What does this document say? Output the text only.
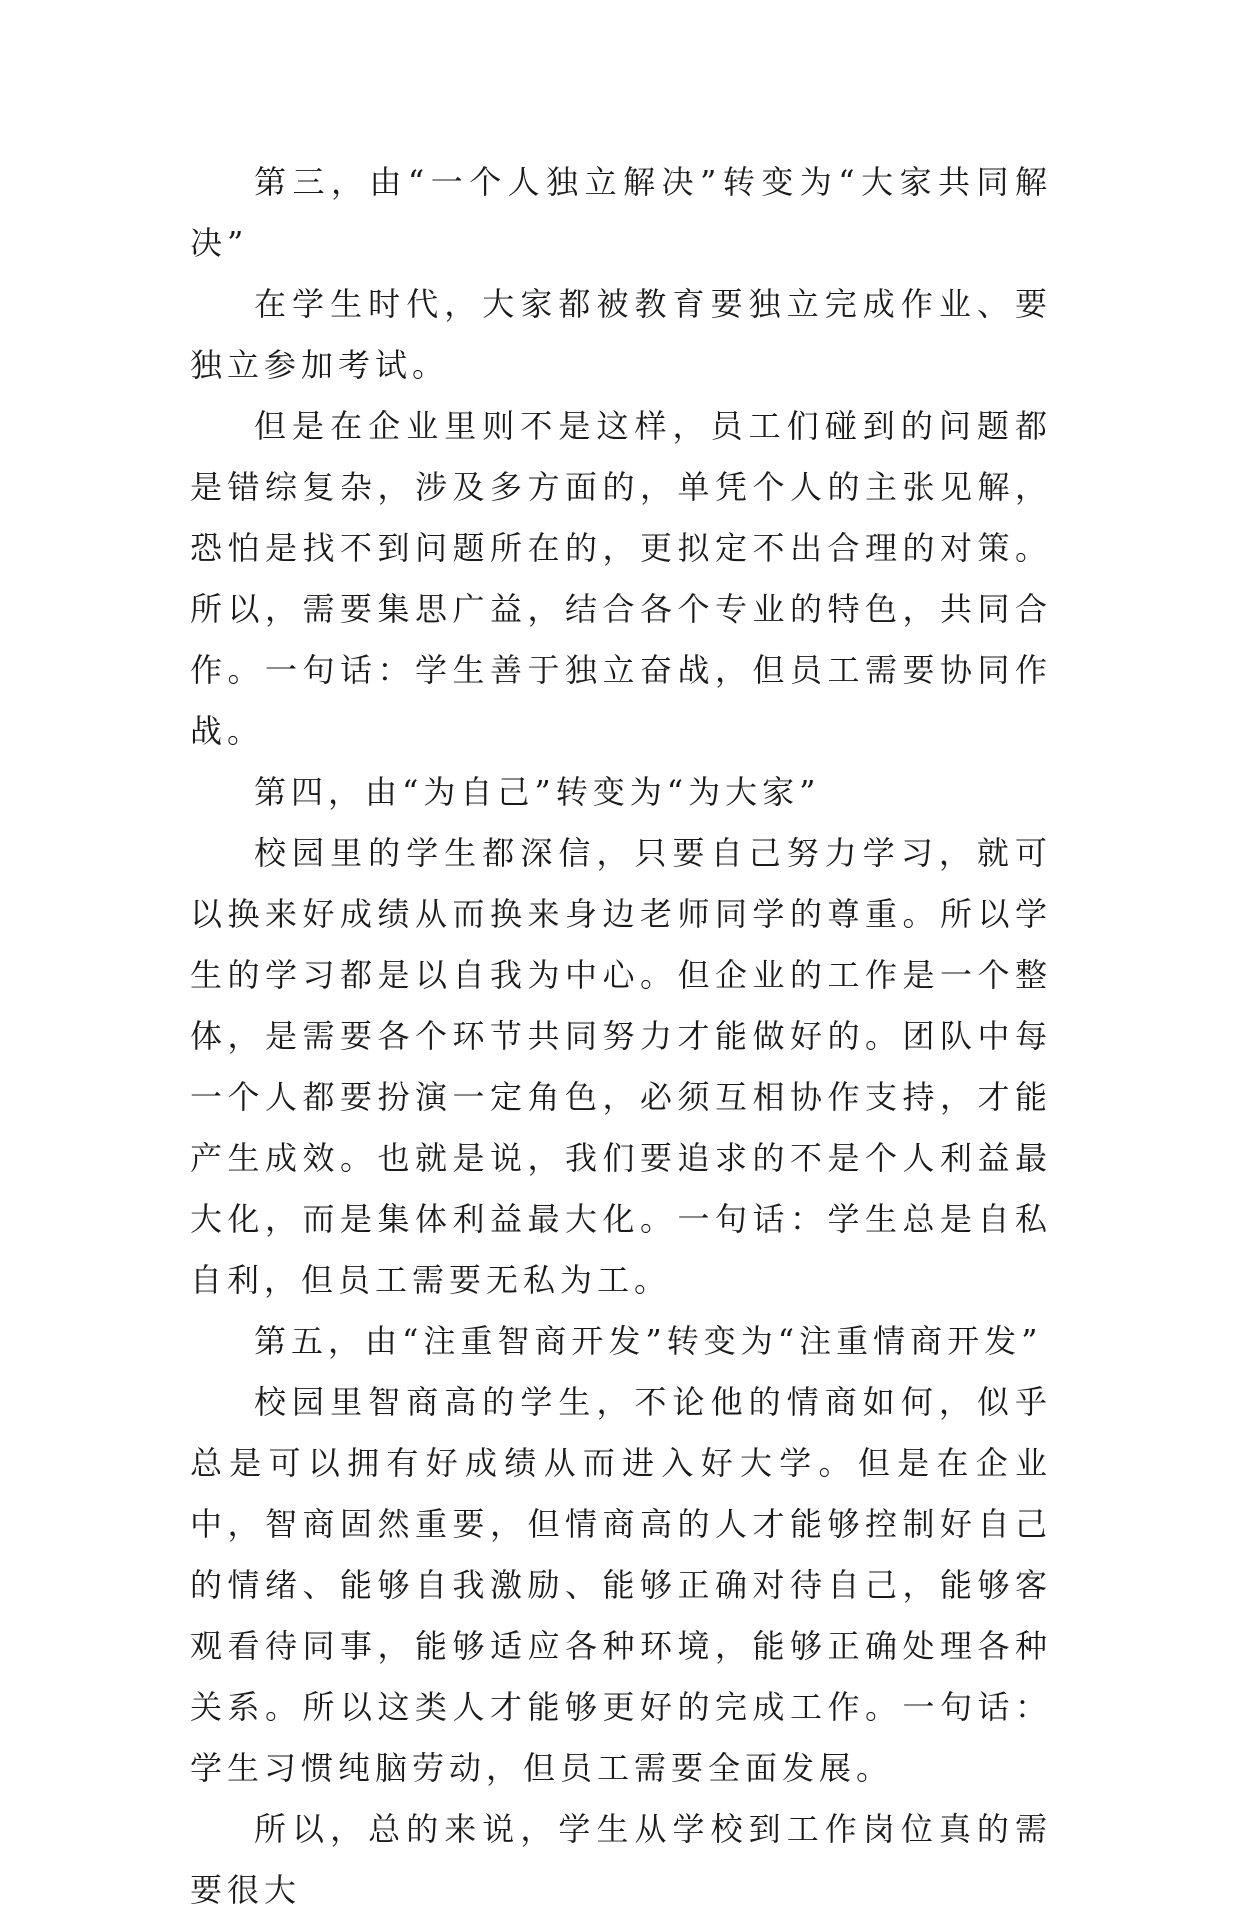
第三，由“一个人独立解决”转变为“大家共同解决”

在学生时代，大家都被教育要独立完成作业、要独立参加考试。

但是在企业里则不是这样，员工们碰到的问题都是错综复杂，涉及多方面的，单凭个人的主张见解，恐怕是找不到问题所在的，更拟定不出合理的对策。所以，需要集思广益，结合各个专业的特色，共同合作。一句话：学生善于独立奋战，但员工需要协同作战。

第四，由“为自己”转变为“为大家”

校园里的学生都深信，只要自己努力学习，就可以换来好成绩从而换来身边老师同学的尊重。所以学生的学习都是以自我为中心。但企业的工作是一个整体，是需要各个环节共同努力才能做好的。团队中每一个人都要扮演一定角色，必须互相协作支持，才能产生成效。也就是说，我们要追求的不是个人利益最大化，而是集体利益最大化。一句话：学生总是自私自利，但员工需要无私为工。

第五，由“注重智商开发”转变为“注重情商开发”

校园里智商高的学生，不论他的情商如何，似乎总是可以拥有好成绩从而进入好大学。但是在企业中，智商固然重要，但情商高的人才能够控制好自己的情绪、能够自我激励、能够正确对待自己，能够客观看待同事，能够适应各种环境，能够正确处理各种关系。所以这类人才能够更好的完成工作。一句话：学生习惯纯脑劳动，但员工需要全面发展。

所以，总的来说，学生从学校到工作岗位真的需要很大
